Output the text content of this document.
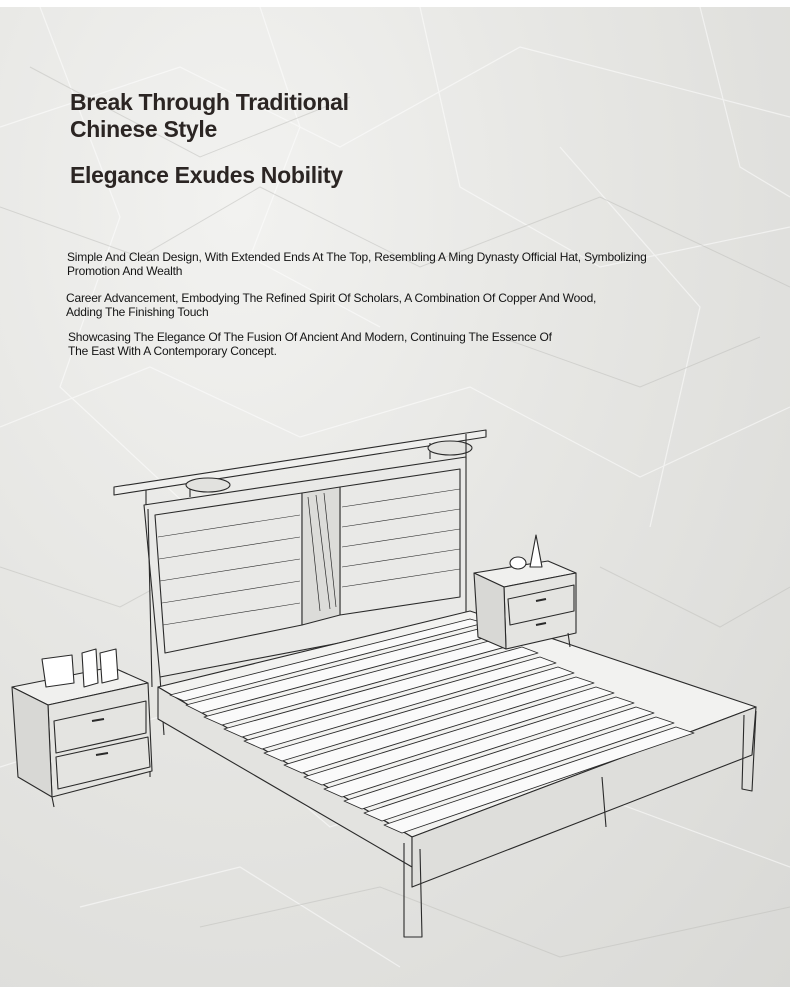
Break Through Traditional
Chinese Style
Elegance Exudes Nobility

Simple And Clean Design, With Extended Ends At The Top, Resembling A Ming Dynasty Official Hat, Symbolizing
Promotion And Wealth

Career Advancement, Embodying The Refined Spirit Of Scholars, A Combination Of Copper And Wood,
Adding The Finishing Touch

Showcasing The Elegance Of The Fusion Of Ancient And Modern, Continuing The Essence Of
The East With A Contemporary Concept.
